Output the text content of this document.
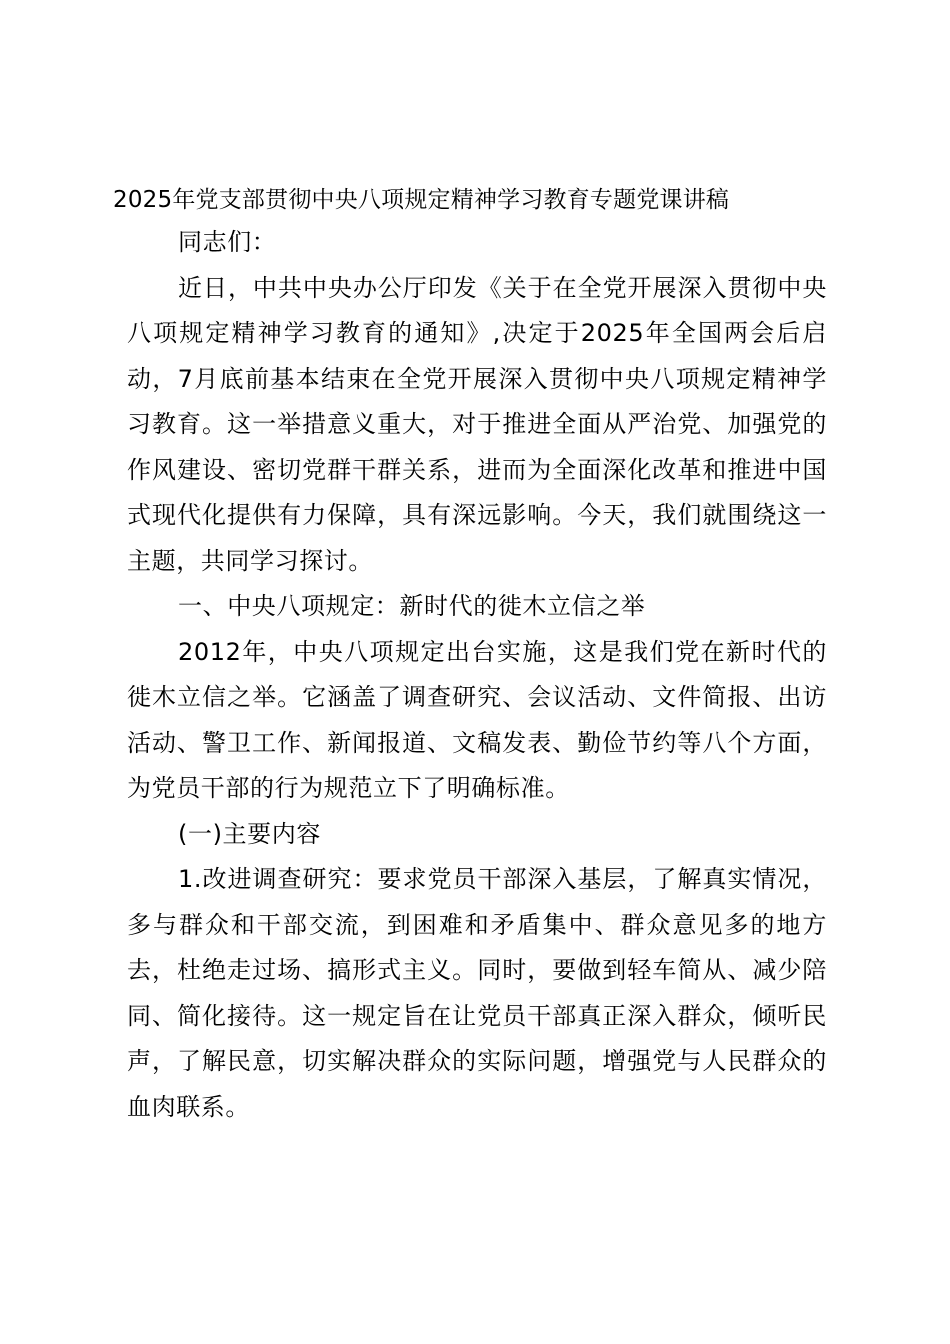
2025年党支部贯彻中央八项规定精神学习教育专题党课讲稿

同志们：

近日，中共中央办公厅印发《关于在全党开展深入贯彻中央八项规定精神学习教育的通知》,决定于2025年全国两会后启动，7月底前基本结束在全党开展深入贯彻中央八项规定精神学习教育。这一举措意义重大，对于推进全面从严治党、加强党的作风建设、密切党群干群关系，进而为全面深化改革和推进中国式现代化提供有力保障，具有深远影响。今天，我们就围绕这一主题，共同学习探讨。

一、中央八项规定：新时代的徙木立信之举

2012年，中央八项规定出台实施，这是我们党在新时代的徙木立信之举。它涵盖了调查研究、会议活动、文件简报、出访活动、警卫工作、新闻报道、文稿发表、勤俭节约等八个方面，为党员干部的行为规范立下了明确标准。

(一)主要内容

1.改进调查研究：要求党员干部深入基层，了解真实情况，多与群众和干部交流，到困难和矛盾集中、群众意见多的地方去，杜绝走过场、搞形式主义。同时，要做到轻车简从、减少陪同、简化接待。这一规定旨在让党员干部真正深入群众，倾听民声，了解民意，切实解决群众的实际问题，增强党与人民群众的血肉联系。
